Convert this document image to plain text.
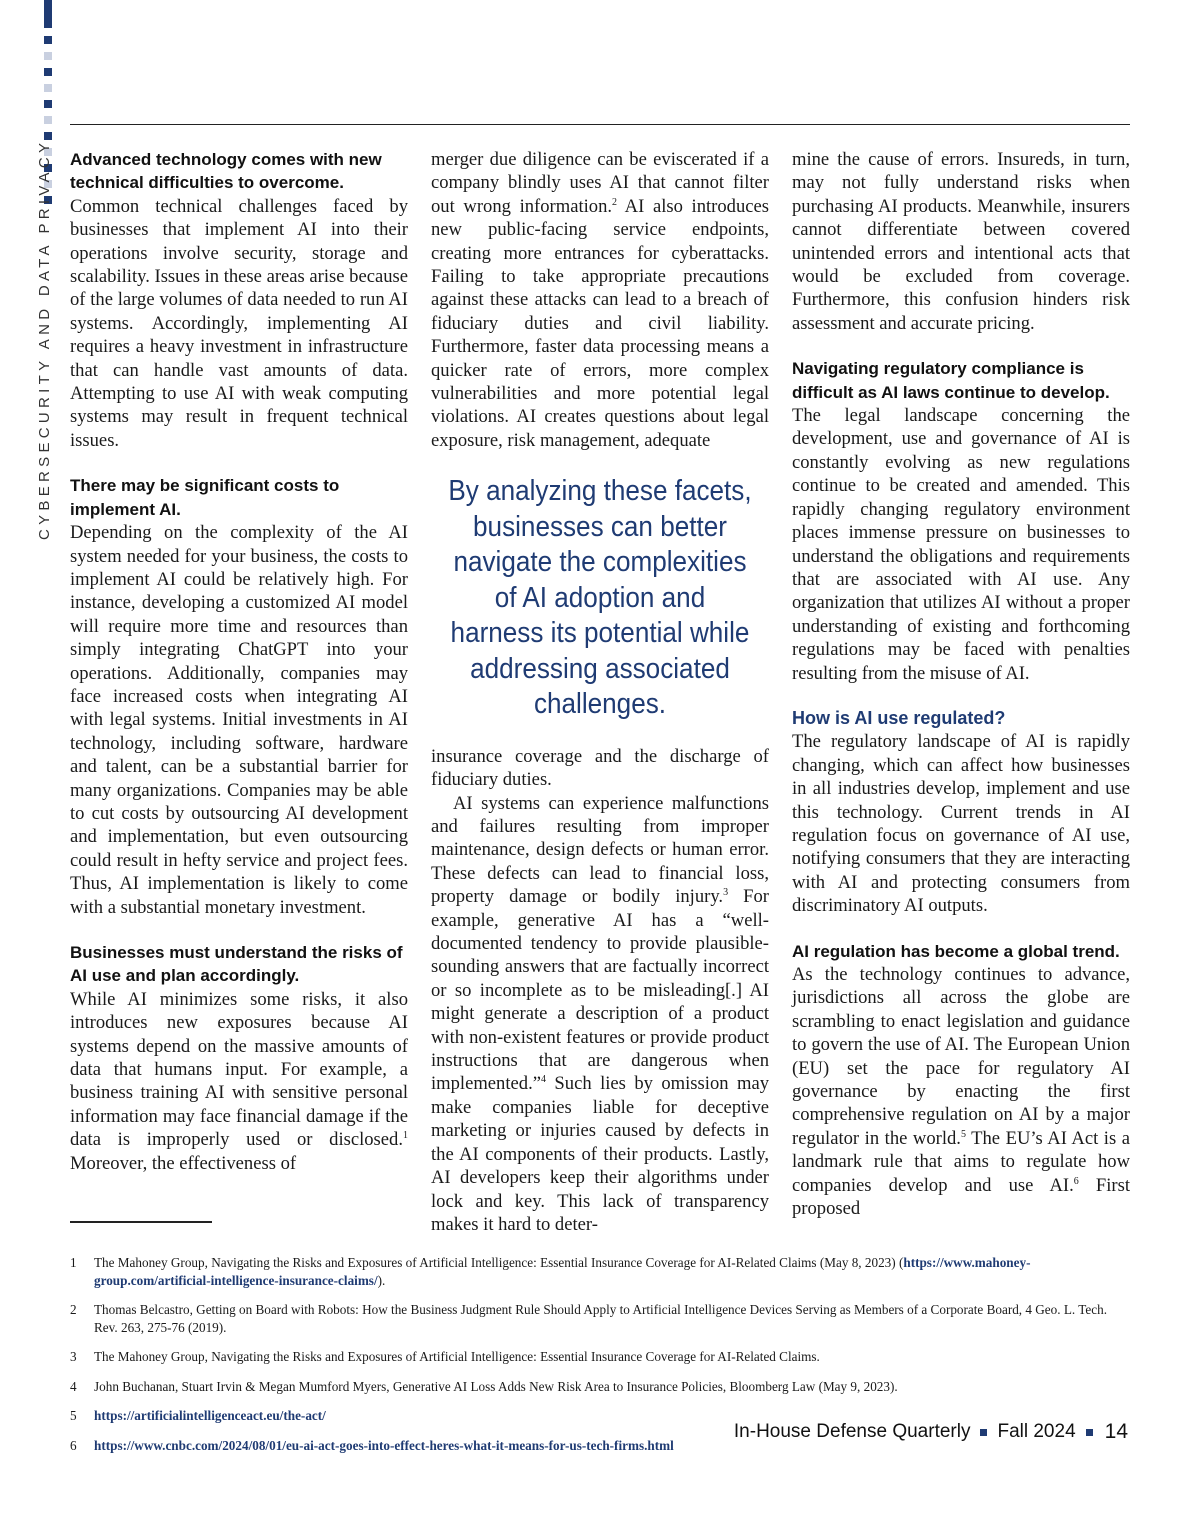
CYBERSECURITY AND DATA PRIVACY Advanced technology comes with new technical difficulties to overcome.

Common technical challenges faced by businesses that implement AI into their operations involve security, storage and scalability. Issues in these areas arise because of the large volumes of data needed to run AI systems. Accordingly, implementing AI requires a heavy investment in infrastructure that can handle vast amounts of data. Attempting to use AI with weak computing systems may result in frequent technical issues.

There may be significant costs to implement AI.

Depending on the complexity of the AI system needed for your business, the costs to implement AI could be relatively high. For instance, developing a customized AI model will require more time and resources than simply integrating ChatGPT into your operations. Additionally, companies may face increased costs when integrating AI with legal systems. Initial investments in AI technology, including software, hardware and talent, can be a substantial barrier for many organizations. Companies may be able to cut costs by outsourcing AI development and implementation, but even outsourcing could result in hefty service and project fees. Thus, AI implementation is likely to come with a substantial monetary investment.

Businesses must understand the risks of AI use and plan accordingly.

While AI minimizes some risks, it also introduces new exposures because AI systems depend on the massive amounts of data that humans input. For example, a business training AI with sensitive personal information may face financial damage if the data is improperly used or disclosed.$^1$ Moreover, the effectiveness of

merger due diligence can be eviscerated if a company blindly uses AI that cannot filter out wrong information.$^2$ AI also introduces new public-facing service endpoints, creating more entrances for cyberattacks. Failing to take appropriate precautions against these attacks can lead to a breach of fiduciary duties and civil liability. Furthermore, faster data processing means a quicker rate of errors, more complex vulnerabilities and more potential legal violations. AI creates questions about legal exposure, risk management, adequate

By analyzing these facets, businesses can better navigate the complexities of AI adoption and harness its potential while addressing associated challenges.

insurance coverage and the discharge of fiduciary duties.

AI systems can experience malfunctions and failures resulting from improper maintenance, design defects or human error. These defects can lead to financial loss, property damage or bodily injury.$^3$ For example, generative AI has a “well-documented tendency to provide plausible-sounding answers that are factually incorrect or so incomplete as to be misleading[.] AI might generate a description of a product with non-existent features or provide product instructions that are dangerous when implemented.”$^4$ Such lies by omission may make companies liable for deceptive marketing or injuries caused by defects in the AI components of their products. Lastly, AI developers keep their algorithms under lock and key. This lack of transparency makes it hard to deter-

mine the cause of errors. Insureds, in turn, may not fully understand risks when purchasing AI products. Meanwhile, insurers cannot differentiate between covered unintended errors and intentional acts that would be excluded from coverage. Furthermore, this confusion hinders risk assessment and accurate pricing.

Navigating regulatory compliance is difficult as AI laws continue to develop.

The legal landscape concerning the development, use and governance of AI is constantly evolving as new regulations continue to be created and amended. This rapidly changing regulatory environment places immense pressure on businesses to understand the obligations and requirements that are associated with AI use. Any organization that utilizes AI without a proper understanding of existing and forthcoming regulations may be faced with penalties resulting from the misuse of AI.

How is AI use regulated?

The regulatory landscape of AI is rapidly changing, which can affect how businesses in all industries develop, implement and use this technology. Current trends in AI regulation focus on governance of AI use, notifying consumers that they are interacting with AI and protecting consumers from discriminatory AI outputs.

AI regulation has become a global trend.

As the technology continues to advance, jurisdictions all across the globe are scrambling to enact legislation and guidance to govern the use of AI. The European Union (EU) set the pace for regulatory AI governance by enacting the first comprehensive regulation on AI by a major regulator in the world.$^5$ The EU’s AI Act is a landmark rule that aims to regulate how companies develop and use AI.$^6$ First proposed

1	The Mahoney Group, Navigating the Risks and Exposures of Artificial Intelligence: Essential Insurance Coverage for AI-Related Claims (May 8, 2023) (https://www.mahoney-group.com/artificial-intelligence-insurance-claims/).
2	Thomas Belcastro, Getting on Board with Robots: How the Business Judgment Rule Should Apply to Artificial Intelligence Devices Serving as Members of a Corporate Board, 4 Geo. L. Tech. Rev. 263, 275-76 (2019).
3	The Mahoney Group, Navigating the Risks and Exposures of Artificial Intelligence: Essential Insurance Coverage for AI-Related Claims.
4	John Buchanan, Stuart Irvin & Megan Mumford Myers, Generative AI Loss Adds New Risk Area to Insurance Policies, Bloomberg Law (May 9, 2023).
5	https://artificialintelligenceact.eu/the-act/
6	https://www.cnbc.com/2024/08/01/eu-ai-act-goes-into-effect-heres-what-it-means-for-us-tech-firms.html
In-House Defense Quarterly Fall 2024 14
